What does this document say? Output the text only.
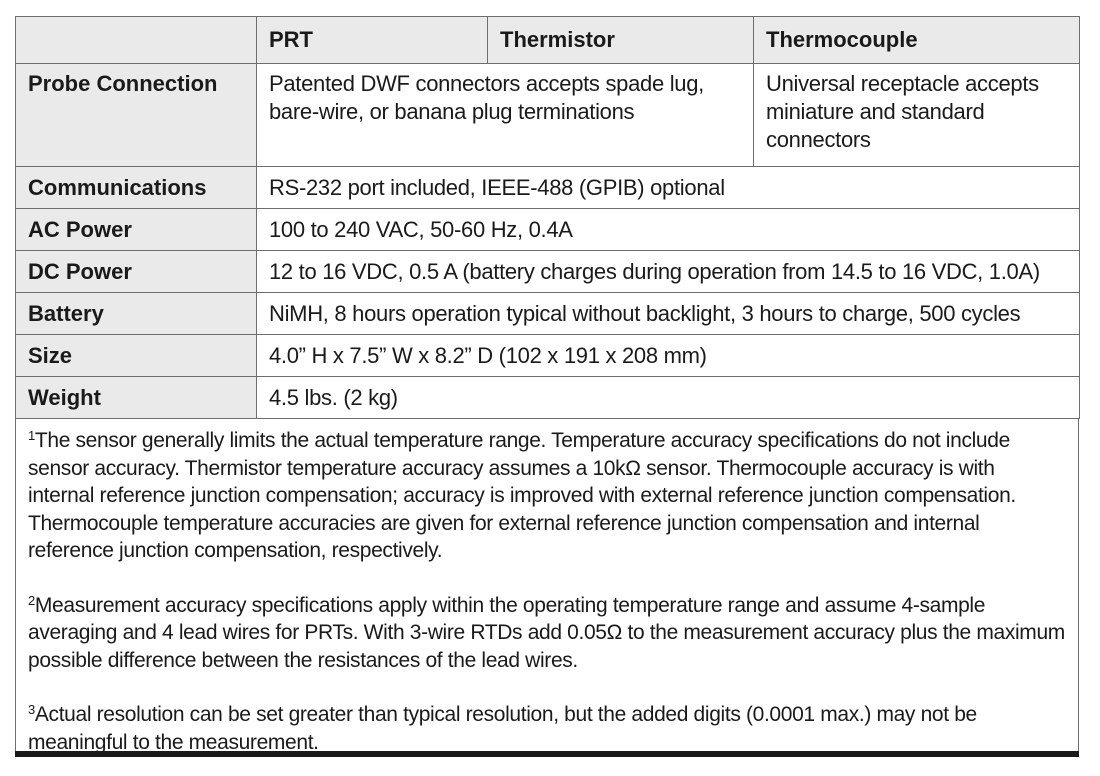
	PRT	Thermistor	Thermocouple
Probe Connection	Patented DWF connectors accepts spade lug, bare-wire, or banana plug terminations		Universal receptacle accepts miniature and standard connectors
Communications	RS-232 port included, IEEE-488 (GPIB) optional		
AC Power	100 to 240 VAC, 50-60 Hz, 0.4A		
DC Power	12 to 16 VDC, 0.5 A (battery charges during operation from 14.5 to 16 VDC, 1.0A)		
Battery	NiMH, 8 hours operation typical without backlight, 3 hours to charge, 500 cycles		
Size	4.0” H x 7.5” W x 8.2” D (102 x 191 x 208 mm)		
Weight	4.5 lbs. (2 kg)		

$^1$The sensor generally limits the actual temperature range. Temperature accuracy specifications do not include sensor accuracy. Thermistor temperature accuracy assumes a 10kΩ sensor. Thermocouple accuracy is with internal reference junction compensation; accuracy is improved with external reference junction compensation. Thermocouple temperature accuracies are given for external reference junction compensation and internal reference junction compensation, respectively.

$^2$Measurement accuracy specifications apply within the operating temperature range and assume 4-sample averaging and 4 lead wires for PRTs. With 3-wire RTDs add 0.05Ω to the measurement accuracy plus the maximum possible difference between the resistances of the lead wires.

$^3$Actual resolution can be set greater than typical resolution, but the added digits (0.0001 max.) may not be meaningful to the measurement.
